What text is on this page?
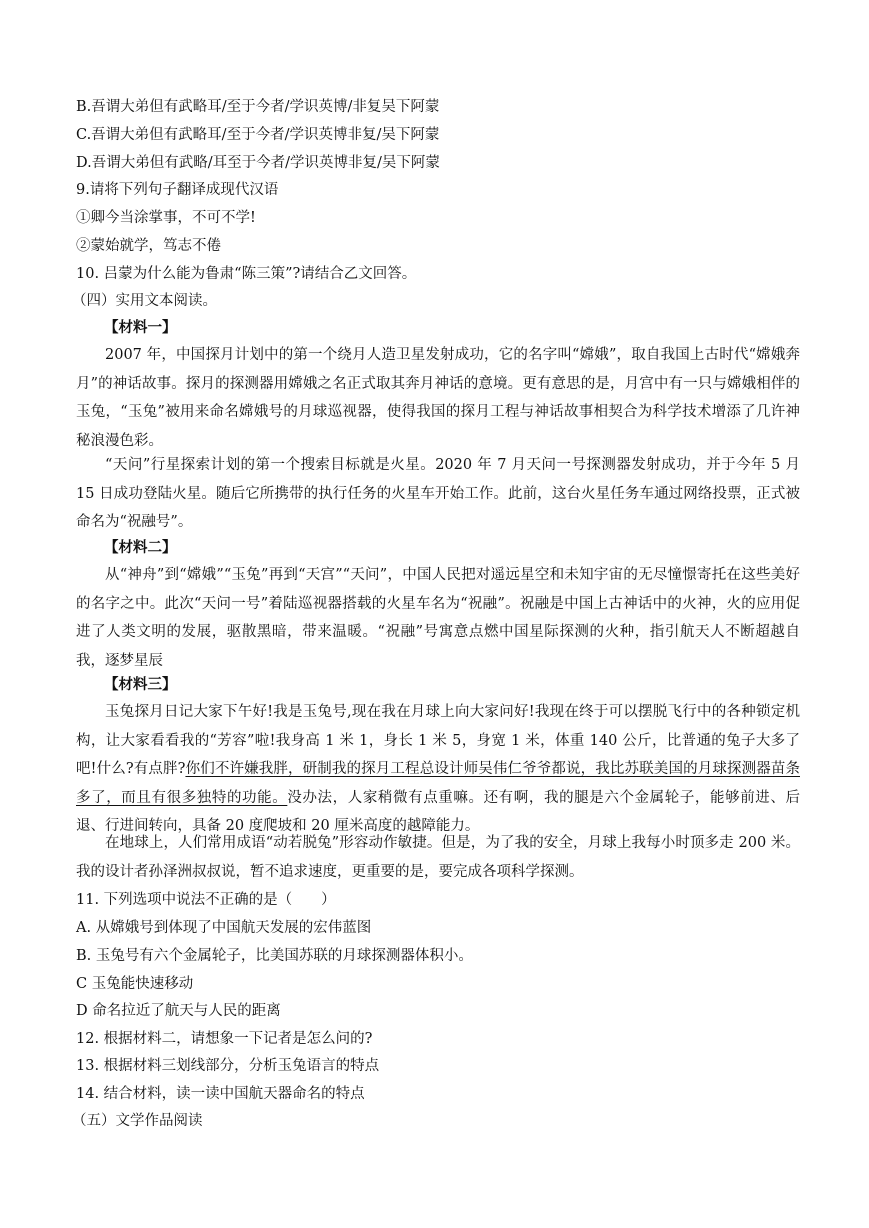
B.吾谓大弟但有武略耳/至于今者/学识英博/非复吴下阿蒙
C.吾谓大弟但有武略耳/至于今者/学识英博非复/吴下阿蒙
D.吾谓大弟但有武略/耳至于今者/学识英博非复/吴下阿蒙
9.请将下列句子翻译成现代汉语
①卿今当涂掌事，不可不学!
②蒙始就学，笃志不倦
10. 吕蒙为什么能为鲁肃“陈三策”?请结合乙文回答。
（四）实用文本阅读。
【材料一】
2007 年，中国探月计划中的第一个绕月人造卫星发射成功，它的名字叫“嫦娥”，取自我国上古时代“嫦娥奔月”的神话故事。探月的探测器用嫦娥之名正式取其奔月神话的意境。更有意思的是，月宫中有一只与嫦娥相伴的玉兔，“玉兔”被用来命名嫦娥号的月球巡视器，使得我国的探月工程与神话故事相契合为科学技术增添了几许神秘浪漫色彩。
“天问”行星探索计划的第一个搜索目标就是火星。2020 年 7 月天问一号探测器发射成功，并于今年 5 月 15 日成功登陆火星。随后它所携带的执行任务的火星车开始工作。此前，这台火星任务车通过网络投票，正式被命名为“祝融号”。
【材料二】
从“神舟”到“嫦娥”“玉兔”再到“天宫”“天问”，中国人民把对遥远星空和未知宇宙的无尽憧憬寄托在这些美好的名字之中。此次“天问一号”着陆巡视器搭载的火星车名为“祝融”。祝融是中国上古神话中的火神，火的应用促进了人类文明的发展，驱散黑暗，带来温暖。“祝融”号寓意点燃中国星际探测的火种，指引航天人不断超越自我，逐梦星辰
【材料三】
玉兔探月日记大家下午好!我是玉兔号,现在我在月球上向大家问好!我现在终于可以摆脱飞行中的各种锁定机构，让大家看看我的“芳容”啦!我身高 1 米 1，身长 1 米 5，身宽 1 米，体重 140 公斤，比普通的兔子大多了吧!什么?有点胖?你们不许嫌我胖，研制我的探月工程总设计师吴伟仁爷爷都说，我比苏联美国的月球探测器苗条多了，而且有很多独特的功能。没办法，人家稍微有点重嘛。还有啊，我的腿是六个金属轮子，能够前进、后退、行进间转向，具备 20 度爬坡和 20 厘米高度的越障能力。
在地球上，人们常用成语“动若脱兔”形容动作敏捷。但是，为了我的安全，月球上我每小时顶多走 200 米。我的设计者孙泽洲叔叔说，暂不追求速度，更重要的是，要完成各项科学探测。
11. 下列选项中说法不正确的是（　　）
A. 从嫦娥号到体现了中国航天发展的宏伟蓝图
B. 玉兔号有六个金属轮子，比美国苏联的月球探测器体积小。
C 玉兔能快速移动
D 命名拉近了航天与人民的距离
12. 根据材料二，请想象一下记者是怎么问的?
13. 根据材料三划线部分，分析玉兔语言的特点
14. 结合材料，读一读中国航天器命名的特点
（五）文学作品阅读
